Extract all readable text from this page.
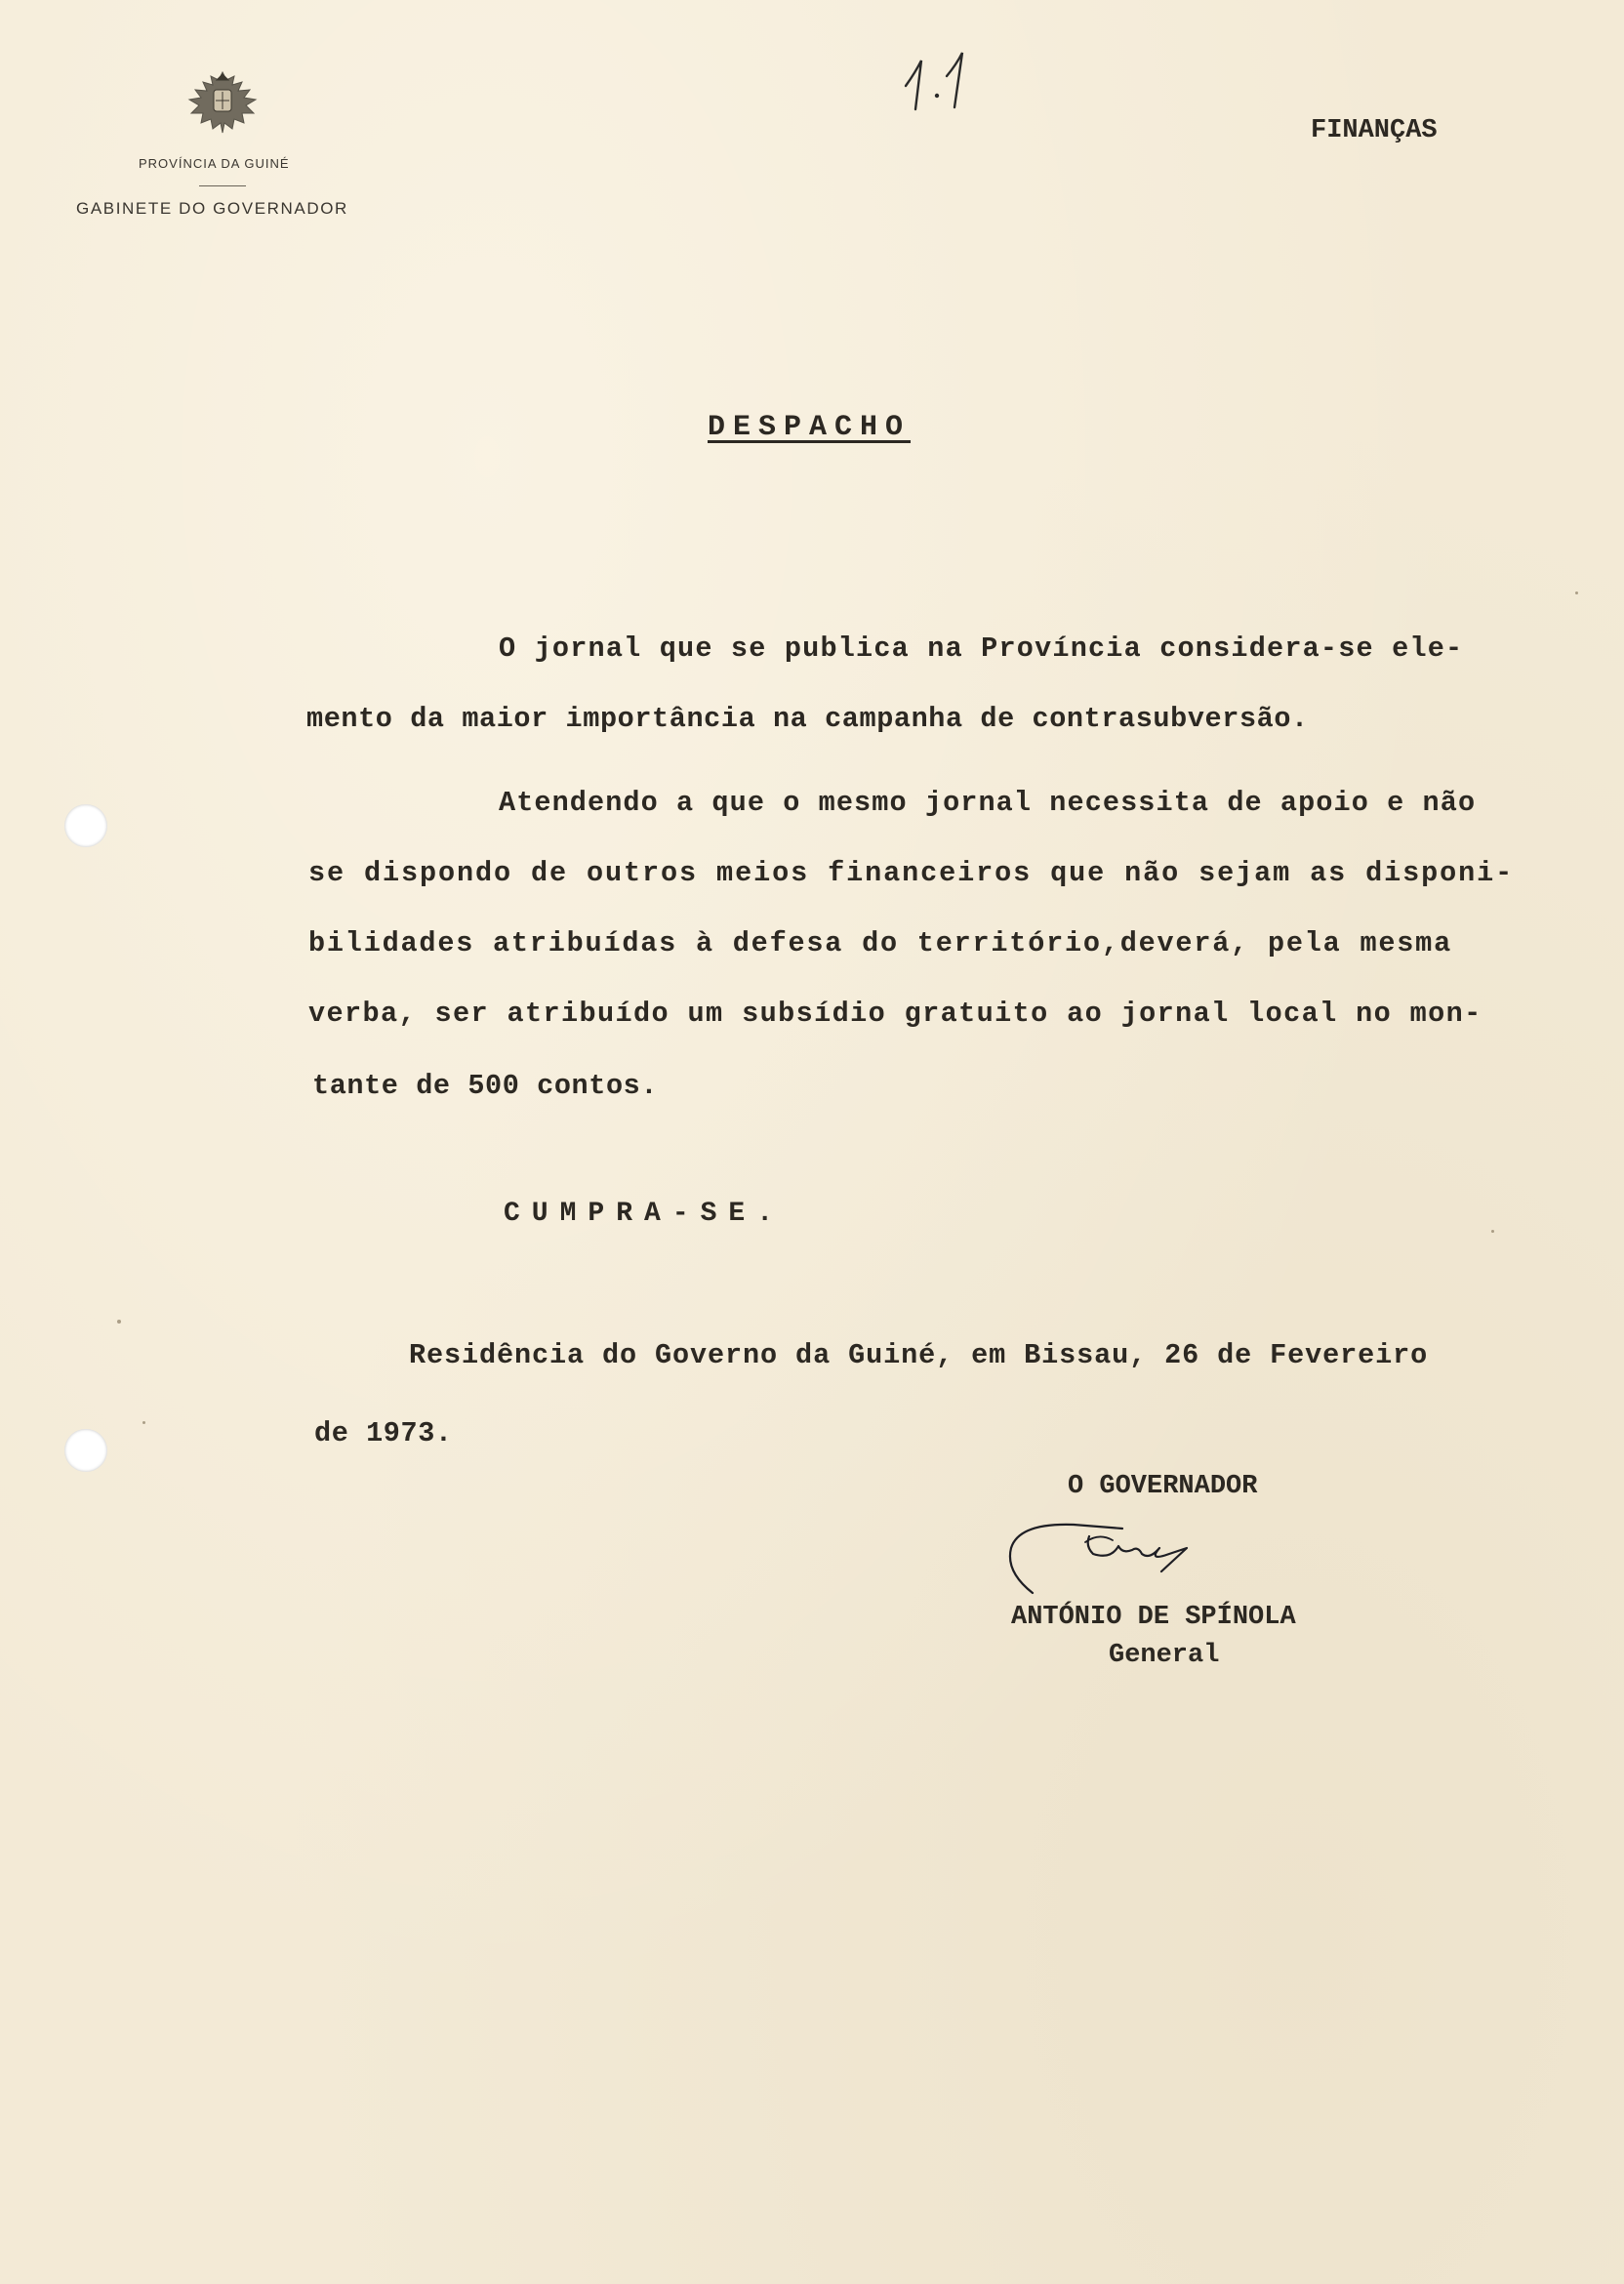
PROVÍNCIA DA GUINÉ
GABINETE DO GOVERNADOR
1.1
FINANÇAS
DESPACHO
O jornal que se publica na Província considera-se ele-
mento da maior importância na campanha de contrasubversão.
Atendendo a que o mesmo jornal necessita de apoio e não
se dispondo de outros meios financeiros que não sejam as disponi-
bilidades atribuídas à defesa do território,deverá, pela mesma
verba, ser atribuído um subsídio gratuito ao jornal local no mon-
tante de 500 contos.
CUMPRA-SE.
Residência do Governo da Guiné, em Bissau, 26 de Fevereiro
de 1973.
O GOVERNADOR
ANTÓNIO DE SPÍNOLA
General
